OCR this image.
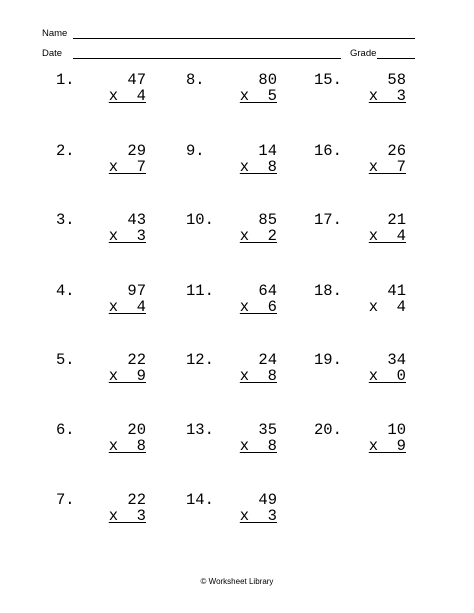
Name
Date	Grade
1.	47
x  4
2.	29
x  7
3.	43
x  3
4.	97
x  4
5.	22
x  9
6.	20
x  8
7.	22
x  3
8.	80
x  5
9.	14
x  8
10.	85
x  2
11.	64
x  6
12.	24
x  8
13.	35
x  8
14.	49
x  3
15.	58
x  3
16.	26
x  7
17.	21
x  4
18.	41
x  4
19.	34
x  0
20.	10
x  9
© Worksheet Library
